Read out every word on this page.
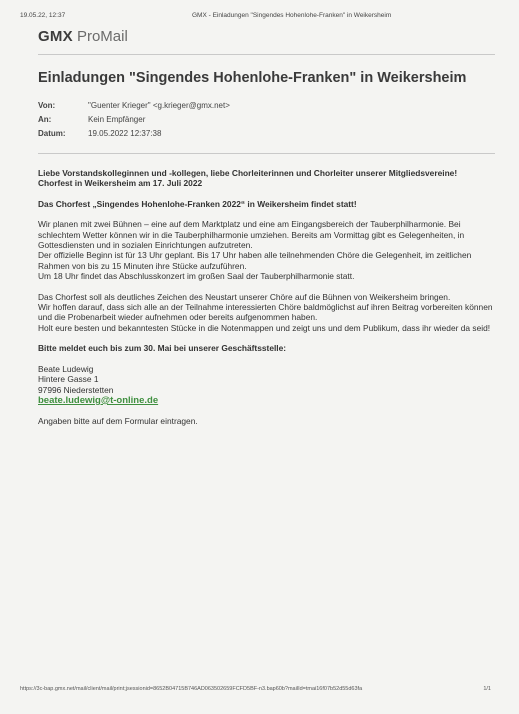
19.05.22, 12:37	GMX - Einladungen "Singendes Hohenlohe-Franken" in Weikersheim
GMX ProMail
Einladungen "Singendes Hohenlohe-Franken" in Weikersheim
Von:	"Guenter Krieger" <g.krieger@gmx.net>
An:	Kein Empfänger
Datum:	19.05.2022 12:37:38

Liebe Vorstandskolleginnen und -kollegen, liebe Chorleiterinnen und Chorleiter unserer Mitgliedsvereine!
Chorfest in Weikersheim am 17. Juli 2022

Das Chorfest „Singendes Hohenlohe-Franken 2022“ in Weikersheim findet statt!

Wir planen mit zwei Bühnen – eine auf dem Marktplatz und eine am Eingangsbereich der Tauberphilharmonie. Bei schlechtem Wetter können wir in die Tauberphilharmonie umziehen. Bereits am Vormittag gibt es Gelegenheiten, in Gottesdiensten und in sozialen Einrichtungen aufzutreten.
Der offizielle Beginn ist für 13 Uhr geplant. Bis 17 Uhr haben alle teilnehmenden Chöre die Gelegenheit, im zeitlichen Rahmen von bis zu 15 Minuten ihre Stücke aufzuführen.
Um 18 Uhr findet das Abschlusskonzert im großen Saal der Tauberphilharmonie statt.

Das Chorfest soll als deutliches Zeichen des Neustart unserer Chöre auf die Bühnen von Weikersheim bringen.
Wir hoffen darauf, dass sich alle an der Teilnahme interessierten Chöre baldmöglichst auf ihren Beitrag vorbereiten können und die Probenarbeit wieder aufnehmen oder bereits aufgenommen haben.
Holt eure besten und bekanntesten Stücke in die Notenmappen und zeigt uns und dem Publikum, dass ihr wieder da seid!

Bitte meldet euch bis zum 30. Mai bei unserer Geschäftsstelle:

Beate Ludewig
Hintere Gasse 1
97996 Niederstetten
beate.ludewig@t-online.de

Angaben bitte auf dem Formular eintragen.

https://3c-bap.gmx.net/mail/client/mail/print;jsessionid=8652B04715B746AD063502659FCFD5BF-n3.bap60b?mailId=tmai16f07b52d55d63fa	1/1
